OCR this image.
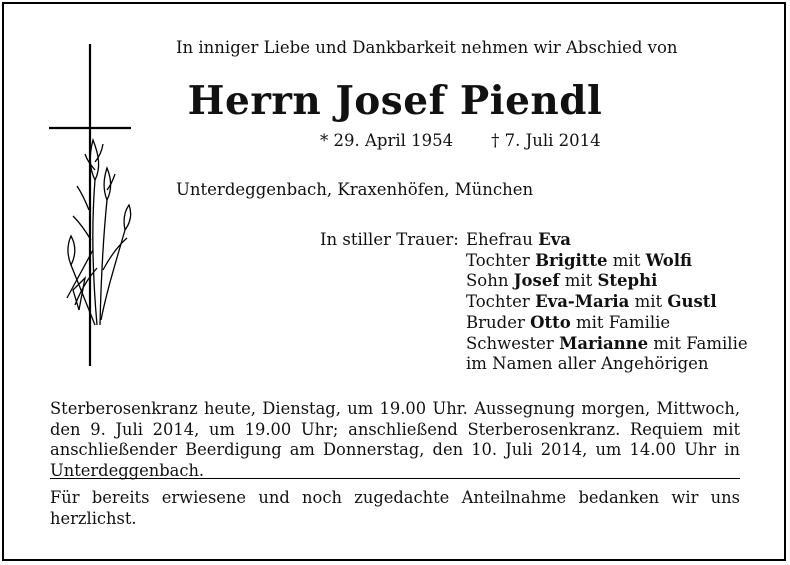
In inniger Liebe und Dankbarkeit nehmen wir Abschied von
Herrn Josef Piendl
* 29. April 1954 † 7. Juli 2014
Unterdeggenbach, Kraxenhöfen, München
In stiller Trauer: Ehefrau Eva
Tochter Brigitte mit Wolfi
Sohn Josef mit Stephi
Tochter Eva-Maria mit Gustl
Bruder Otto mit Familie
Schwester Marianne mit Familie
im Namen aller Angehörigen
Sterberosenkranz heute, Dienstag, um 19.00 Uhr. Aussegnung morgen, Mittwoch, den 9. Juli 2014, um 19.00 Uhr; anschließend Sterberosenkranz. Requiem mit anschließender Beerdigung am Donnerstag, den 10. Juli 2014, um 14.00 Uhr in Unterdeggenbach.
Für bereits erwiesene und noch zugedachte Anteilnahme bedanken wir uns herzlichst.
